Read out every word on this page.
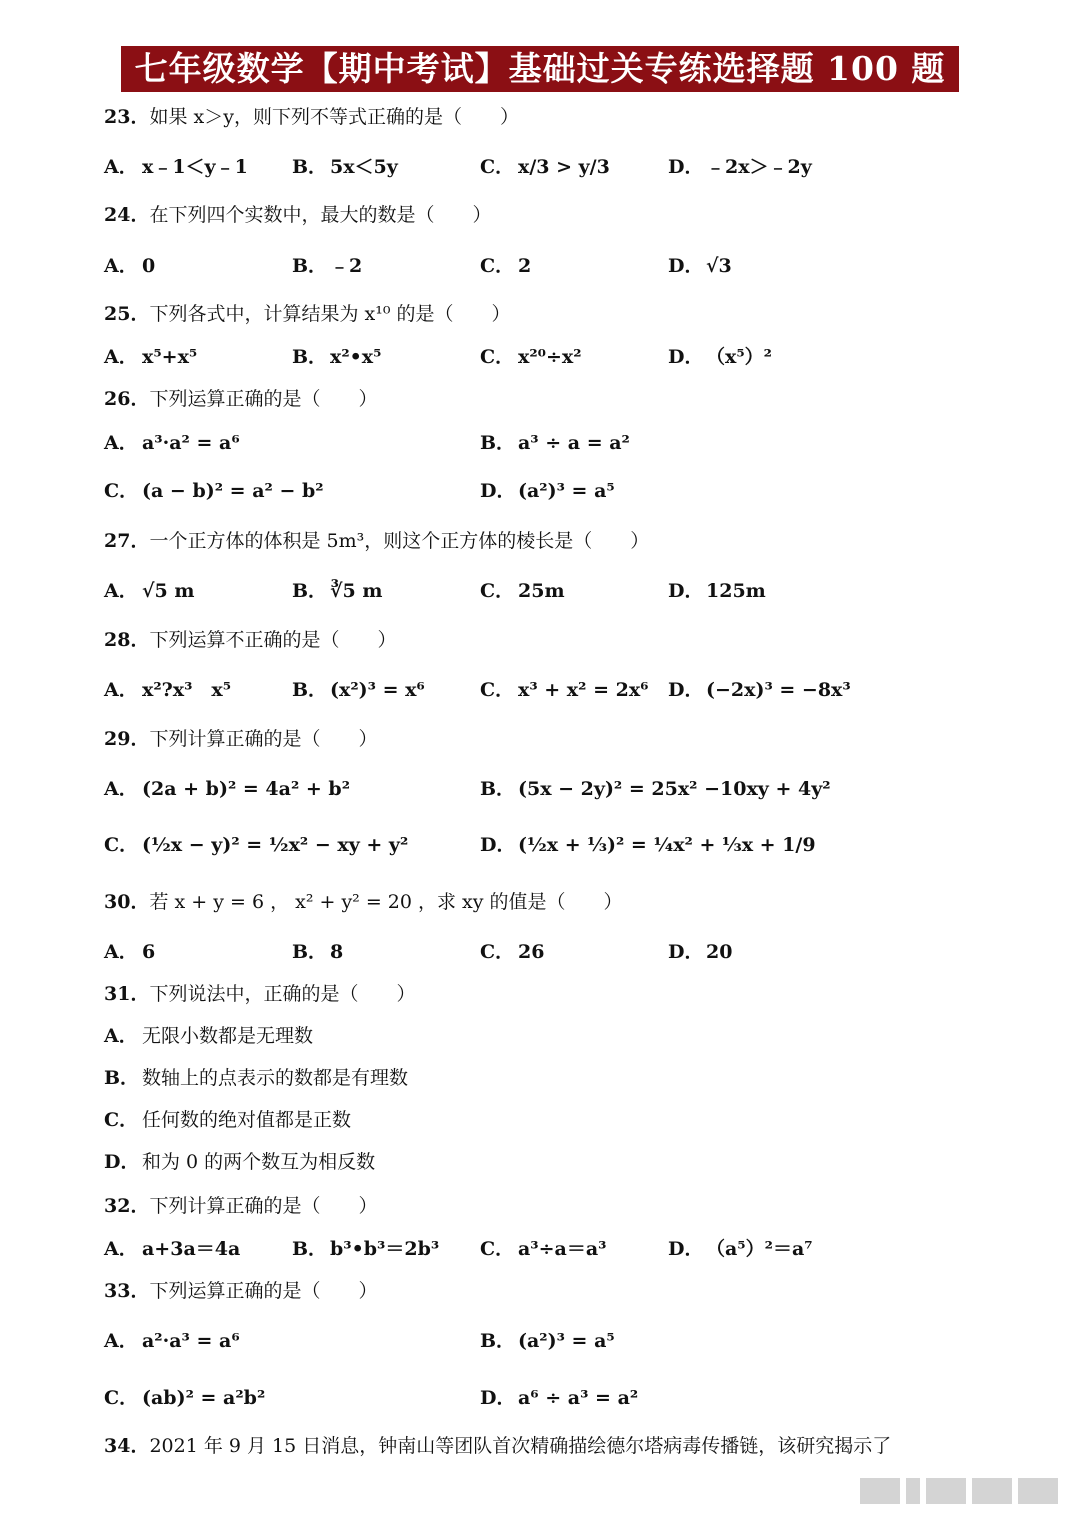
七年级数学【期中考试】基础过关专练选择题 100 题
23．如果 x＞y，则下列不等式正确的是（　　）
A． x﹣1＜y﹣1 B． 5x＜5y	C． x/3 > y/3	D． ﹣2x＞﹣2y
24．在下列四个实数中，最大的数是（　　）
A． 0	B． ﹣2	C． 2	D． √3
25．下列各式中，计算结果为 x¹⁰ 的是（　　）
A． x⁵+x⁵	B． x²•x⁵	C． x²⁰÷x²	D． （x⁵）²
26．下列运算正确的是（　　）
A． a³·a² = a⁶	B． a³ ÷ a = a²
C． (a − b)² = a² − b²	D． (a²)³ = a⁵
27．一个正方体的体积是 5m³，则这个正方体的棱长是（　　）
A． √5 m	B． ∛5 m	C． 25m	D． 125m
28．下列运算不正确的是（　　）
A． x²?x³　x⁵	B． (x²)³ = x⁶	C． x³ + x² = 2x⁶ D． (−2x)³ = −8x³
29．下列计算正确的是（　　）
A． (2a + b)² = 4a² + b²	B． (5x − 2y)² = 25x² −10xy + 4y²
C． (½x − y)² = ½x² − xy + y²	D． (½x + ⅓)² = ¼x² + ⅓x + 1/9
30．若 x + y = 6 ， x² + y² = 20 ，求 xy 的值是（　　）
A． 6	B． 8	C． 26	D． 20
31．下列说法中，正确的是（　　）
A． 无限小数都是无理数
B． 数轴上的点表示的数都是有理数
C． 任何数的绝对值都是正数
D． 和为 0 的两个数互为相反数
32．下列计算正确的是（　　）
A． a+3a＝4a	B． b³•b³＝2b³ C． a³÷a＝a³	D． （a⁵）²＝a⁷
33．下列运算正确的是（　　）
A． a²·a³ = a⁶	B． (a²)³ = a⁵
C． (ab)² = a²b²	D． a⁶ ÷ a³ = a²
34．2021 年 9 月 15 日消息，钟南山等团队首次精确描绘德尔塔病毒传播链，该研究揭示了
